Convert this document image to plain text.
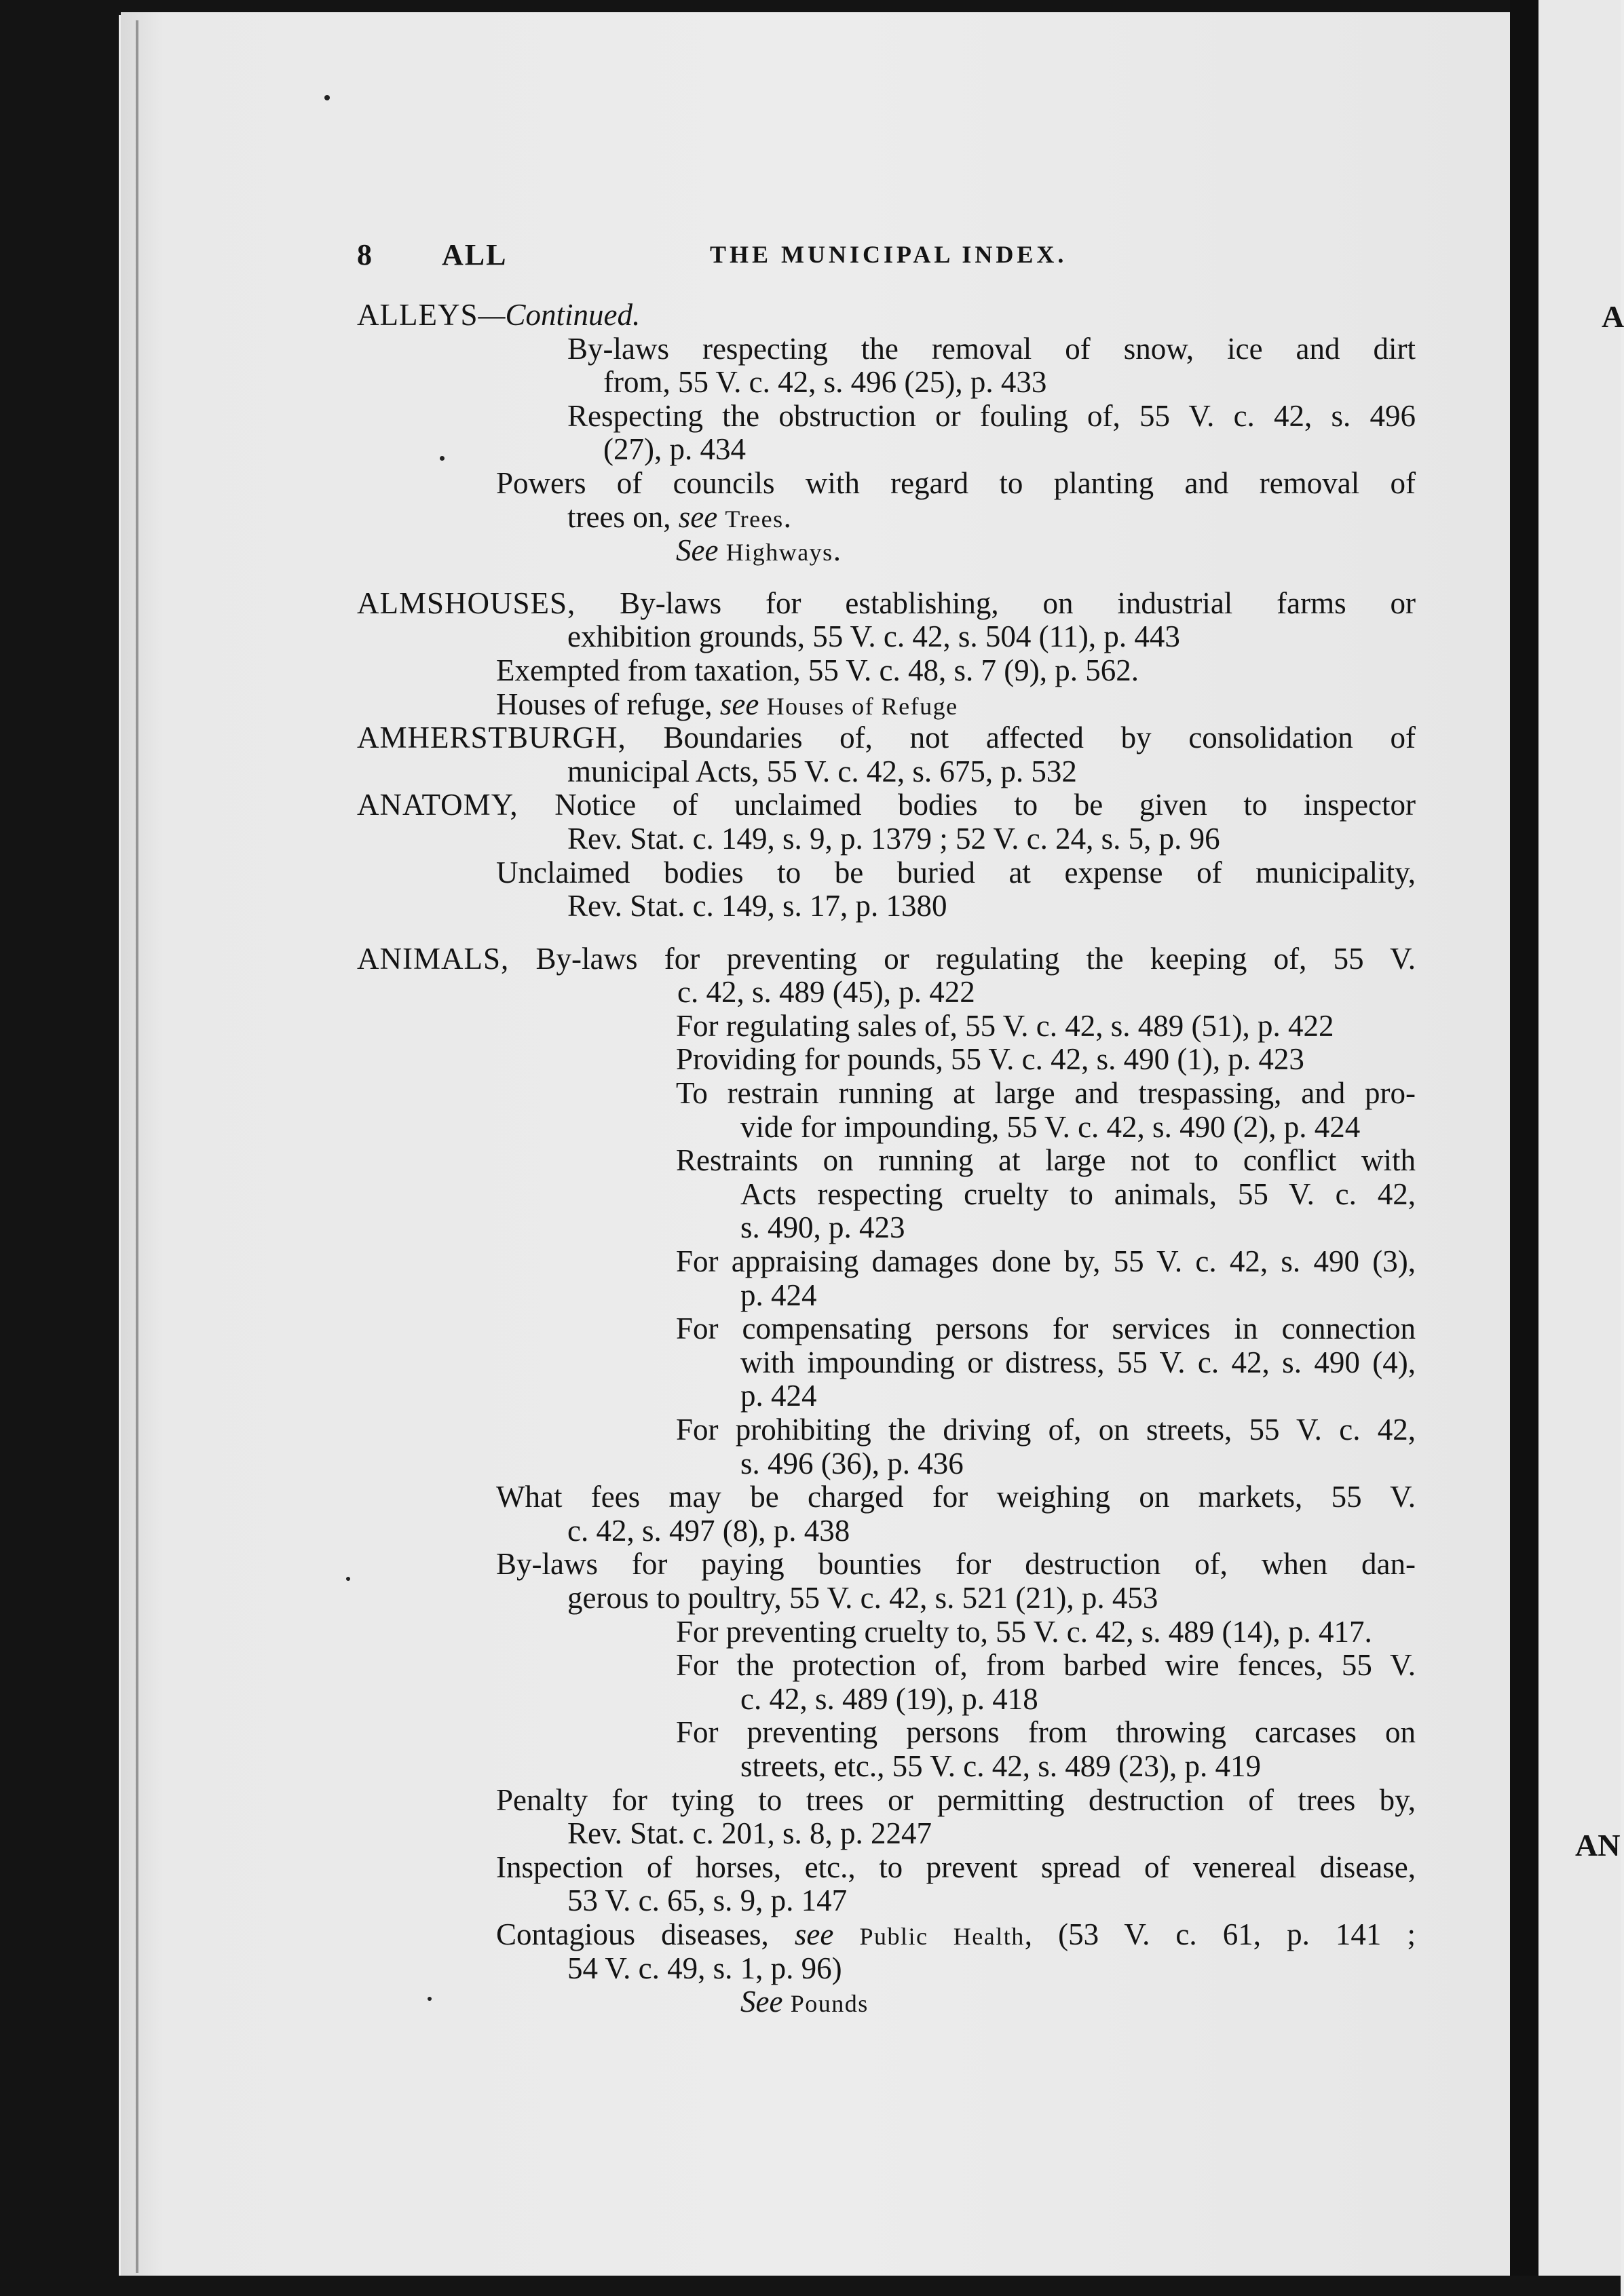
A
AN
8 ALL	THE MUNICIPAL INDEX.
ALLEYS—Continued.
By-laws respecting the removal of snow, ice and dirt
from, 55 V. c. 42, s. 496 (25), p. 433
Respecting the obstruction or fouling of, 55 V. c. 42, s. 496
(27), p. 434
Powers of councils with regard to planting and removal of
trees on, see Trees.
See Highways.
ALMSHOUSES, By-laws for establishing, on industrial farms or
exhibition grounds, 55 V. c. 42, s. 504 (11), p. 443
Exempted from taxation, 55 V. c. 48, s. 7 (9), p. 562.
Houses of refuge, see Houses of Refuge
AMHERSTBURGH, Boundaries of, not affected by consolidation of
municipal Acts, 55 V. c. 42, s. 675, p. 532
ANATOMY, Notice of unclaimed bodies to be given to inspector
Rev. Stat. c. 149, s. 9, p. 1379 ; 52 V. c. 24, s. 5, p. 96
Unclaimed bodies to be buried at expense of municipality,
Rev. Stat. c. 149, s. 17, p. 1380
ANIMALS, By-laws for preventing or regulating the keeping of, 55 V.
c. 42, s. 489 (45), p. 422
For regulating sales of, 55 V. c. 42, s. 489 (51), p. 422
Providing for pounds, 55 V. c. 42, s. 490 (1), p. 423
To restrain running at large and trespassing, and pro-
vide for impounding, 55 V. c. 42, s. 490 (2), p. 424
Restraints on running at large not to conflict with
Acts respecting cruelty to animals, 55 V. c. 42,
s. 490, p. 423
For appraising damages done by, 55 V. c. 42, s. 490 (3),
p. 424
For compensating persons for services in connection
with impounding or distress, 55 V. c. 42, s. 490 (4),
p. 424
For prohibiting the driving of, on streets, 55 V. c. 42,
s. 496 (36), p. 436
What fees may be charged for weighing on markets, 55 V.
c. 42, s. 497 (8), p. 438
By-laws for paying bounties for destruction of, when dan-
gerous to poultry, 55 V. c. 42, s. 521 (21), p. 453
For preventing cruelty to, 55 V. c. 42, s. 489 (14), p. 417.
For the protection of, from barbed wire fences, 55 V.
c. 42, s. 489 (19), p. 418
For preventing persons from throwing carcases on
streets, etc., 55 V. c. 42, s. 489 (23), p. 419
Penalty for tying to trees or permitting destruction of trees by,
Rev. Stat. c. 201, s. 8, p. 2247
Inspection of horses, etc., to prevent spread of venereal disease,
53 V. c. 65, s. 9, p. 147
Contagious diseases, see Public Health, (53 V. c. 61, p. 141 ;
54 V. c. 49, s. 1, p. 96)
See Pounds
